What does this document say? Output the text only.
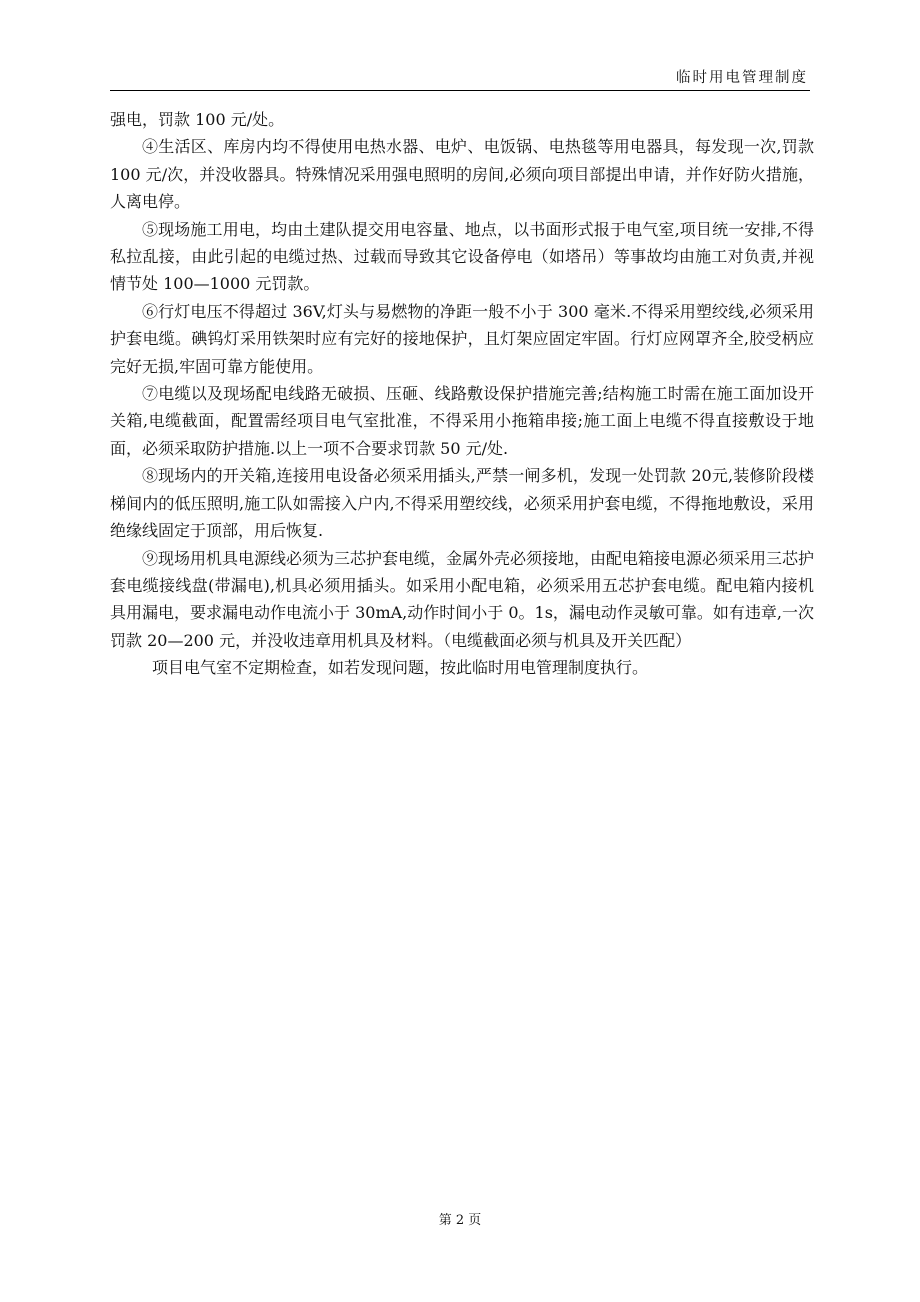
临时用电管理制度

强电，罚款 100 元/处。

④生活区、库房内均不得使用电热水器、电炉、电饭锅、电热毯等用电器具，每发现一次,罚款 100 元/次，并没收器具。特殊情况采用强电照明的房间,必须向项目部提出申请，并作好防火措施，人离电停。

⑤现场施工用电，均由土建队提交用电容量、地点，以书面形式报于电气室,项目统一安排,不得私拉乱接，由此引起的电缆过热、过载而导致其它设备停电（如塔吊）等事故均由施工对负责,并视情节处 100—1000 元罚款。

⑥行灯电压不得超过 36V,灯头与易燃物的净距一般不小于 300 毫米.不得采用塑绞线,必须采用护套电缆。碘钨灯采用铁架时应有完好的接地保护，且灯架应固定牢固。行灯应网罩齐全,胶受柄应完好无损,牢固可靠方能使用。

⑦电缆以及现场配电线路无破损、压砸、线路敷设保护措施完善;结构施工时需在施工面加设开关箱,电缆截面，配置需经项目电气室批准，不得采用小拖箱串接;施工面上电缆不得直接敷设于地面，必须采取防护措施.以上一项不合要求罚款 50 元/处.

⑧现场内的开关箱,连接用电设备必须采用插头,严禁一闸多机，发现一处罚款 20元,装修阶段楼梯间内的低压照明,施工队如需接入户内,不得采用塑绞线，必须采用护套电缆，不得拖地敷设，采用绝缘线固定于顶部，用后恢复.

⑨现场用机具电源线必须为三芯护套电缆，金属外壳必须接地，由配电箱接电源必须采用三芯护套电缆接线盘(带漏电),机具必须用插头。如采用小配电箱，必须采用五芯护套电缆。配电箱内接机具用漏电，要求漏电动作电流小于 30mA,动作时间小于 0。1s，漏电动作灵敏可靠。如有违章,一次罚款 20—200 元，并没收违章用机具及材料。（电缆截面必须与机具及开关匹配）

项目电气室不定期检查，如若发现问题，按此临时用电管理制度执行。

第 2 页
